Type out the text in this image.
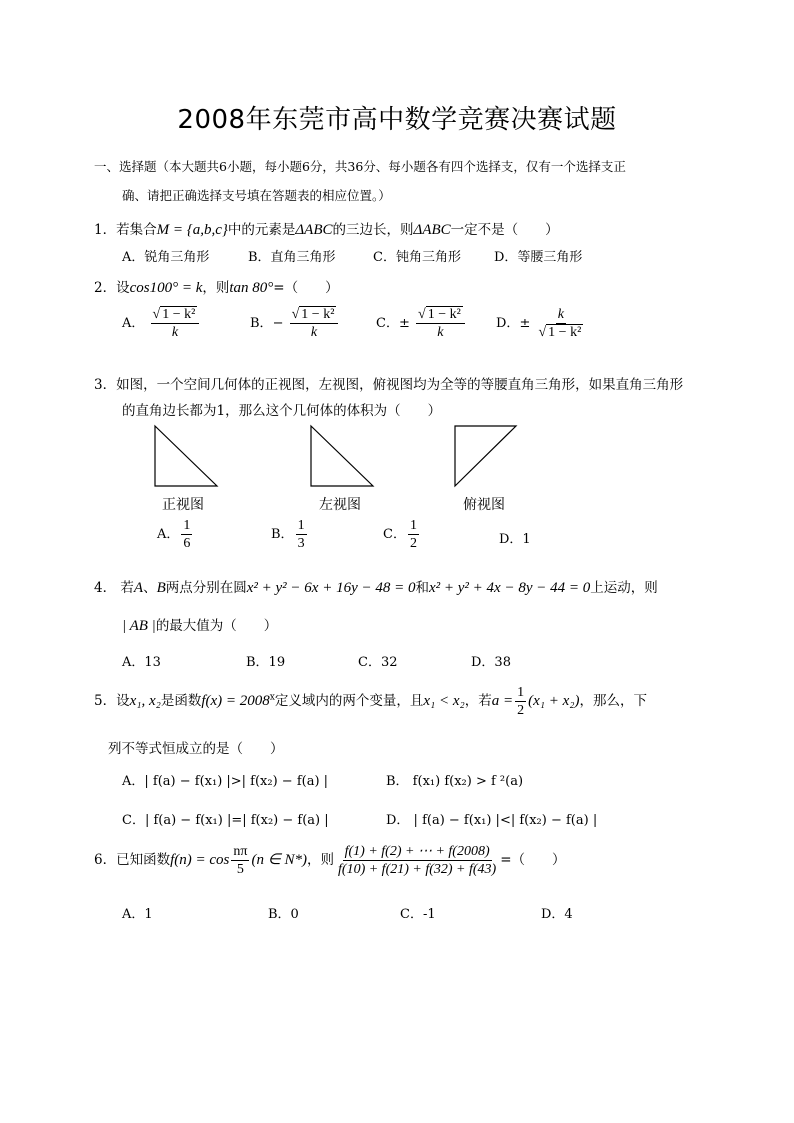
2008年东莞市高中数学竞赛决赛试题
一、选择题（本大题共6小题，每小题6分，共36分、每小题各有四个选择支，仅有一个选择支正
确、请把正确选择支号填在答题表的相应位置。）
1．若集合M = {a,b,c}中的元素是ΔABC的三边长，则ΔABC一定不是（　　）
A．锐角三角形	B．直角三角形	C．钝角三角形	D．等腰三角形
2．设cos100° = k，则tan 80°=（　　）
A． $\frac{\text{√ 1 − k²}}{k}$	B．− $\frac{\text{√ 1 − k²}}{k}$	C．± $\frac{\text{√ 1 − k²}}{k}$ D．± $\frac{k}{\text{√ 1 − k²}}$
3．如图，一个空间几何体的正视图，左视图，俯视图均为全等的等腰直角三角形，如果直角三角形
的直角边长都为1，那么这个几何体的体积为（　　）
正视图	左视图	俯视图
A． $\frac{1}{6}$	B． $\frac{1}{3}$	C． $\frac{1}{2}$	D．1
4． 若A、B两点分别在圆x² + y² − 6x + 16y − 48 = 0和x² + y² + 4x − 8y − 44 = 0上运动，则
| AB |的最大值为（　　）
A．13	B．19	C．32	D．38
5．设x₁, x₂是函数$f(x) = 2008^x$定义域内的两个变量，且x₁ < x₂，若$a = \frac{1}{2} (x_1 + x_2)$，那么，下
列不等式恒成立的是（　　）
A．| f(a) − f(x₁) |>| f(x₂) − f(a) |	B． f(x₁) f(x₂) > f ²(a)
C．| f(a) − f(x₁) |=| f(x₂) − f(a) |	D． | f(a) − f(x₁) |<| f(x₂) − f(a) |
6．已知函数$f(n) = \cos \frac{n\pi}{5} (n$ ∈ N*)，则 $\frac{f(1) + f(2) + \cdots + f(2008)}{f(10) + f(21) + f(32) + f(43)}$ =（　　）
A．1	B．0	C．-1	D．4
